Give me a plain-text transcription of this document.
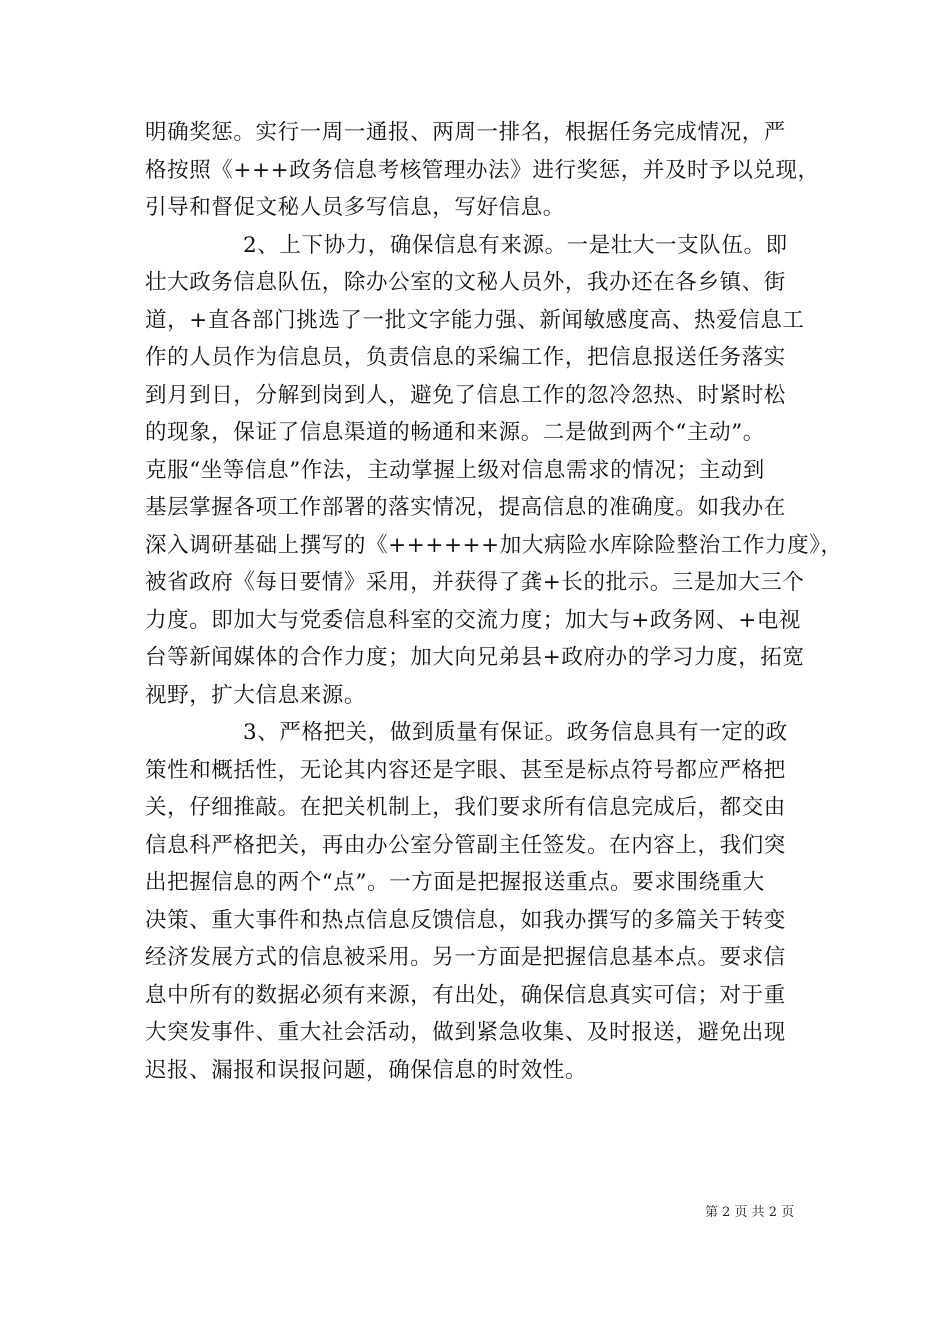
明确奖惩。实行一周一通报、两周一排名，根据任务完成情况，严
格按照《+++政务信息考核管理办法》进行奖惩，并及时予以兑现，
引导和督促文秘人员多写信息，写好信息。
2、上下协力，确保信息有来源。一是壮大一支队伍。即
壮大政务信息队伍，除办公室的文秘人员外，我办还在各乡镇、街
道，+直各部门挑选了一批文字能力强、新闻敏感度高、热爱信息工
作的人员作为信息员，负责信息的采编工作，把信息报送任务落实
到月到日，分解到岗到人，避免了信息工作的忽冷忽热、时紧时松
的现象，保证了信息渠道的畅通和来源。二是做到两个“主动”。
克服“坐等信息”作法，主动掌握上级对信息需求的情况；主动到
基层掌握各项工作部署的落实情况，提高信息的准确度。如我办在
深入调研基础上撰写的《++++++加大病险水库除险整治工作力度》，
被省政府《每日要情》采用，并获得了龚+长的批示。三是加大三个
力度。即加大与党委信息科室的交流力度；加大与+政务网、+电视
台等新闻媒体的合作力度；加大向兄弟县+政府办的学习力度，拓宽
视野，扩大信息来源。
3、严格把关，做到质量有保证。政务信息具有一定的政
策性和概括性，无论其内容还是字眼、甚至是标点符号都应严格把
关，仔细推敲。在把关机制上，我们要求所有信息完成后，都交由
信息科严格把关，再由办公室分管副主任签发。在内容上，我们突
出把握信息的两个“点”。一方面是把握报送重点。要求围绕重大
决策、重大事件和热点信息反馈信息，如我办撰写的多篇关于转变
经济发展方式的信息被采用。另一方面是把握信息基本点。要求信
息中所有的数据必须有来源，有出处，确保信息真实可信；对于重
大突发事件、重大社会活动，做到紧急收集、及时报送，避免出现
迟报、漏报和误报问题，确保信息的时效性。
第 2 页 共 2 页
